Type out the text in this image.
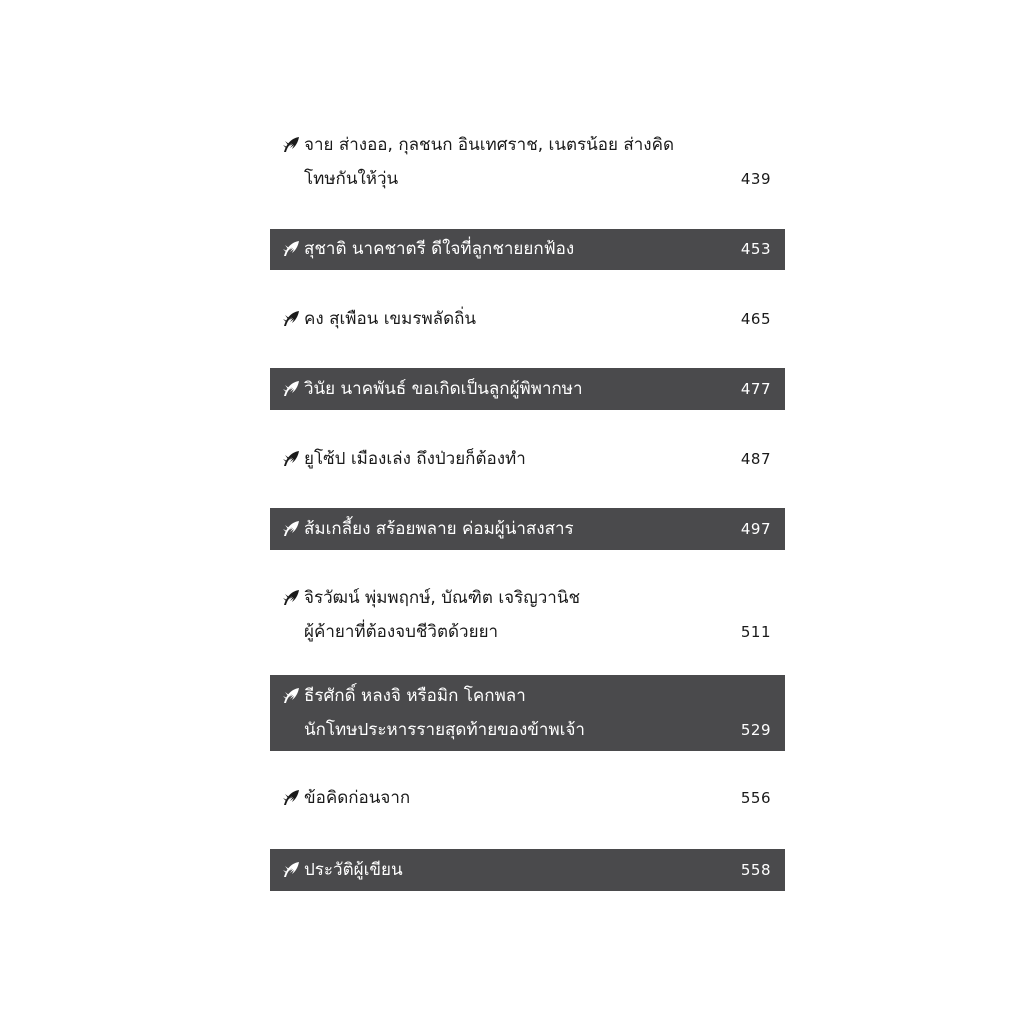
จาย ส่างออ, กุลชนก อินเทศราช, เนตรน้อย ส่างคิด
โทษกันให้วุ่น	439
สุชาติ นาคชาตรี ดีใจที่ลูกชายยกฟ้อง	453
คง สุเพือน เขมรพลัดถิ่น	465
วินัย นาคพันธ์ ขอเกิดเป็นลูกผู้พิพากษา	477
ยูโซ้ป เมืองเล่ง ถึงป่วยก็ต้องทำ	487
ส้มเกลี้ยง สร้อยพลาย ค่อมผู้น่าสงสาร	497
จิรวัฒน์ พุ่มพฤกษ์, บัณฑิต เจริญวานิช
ผู้ค้ายาที่ต้องจบชีวิตด้วยยา	511
ธีรศักดิ์ หลงจิ หรือมิก โคกพลา
นักโทษประหารรายสุดท้ายของข้าพเจ้า	529
ข้อคิดก่อนจาก	556
ประวัติผู้เขียน	558
